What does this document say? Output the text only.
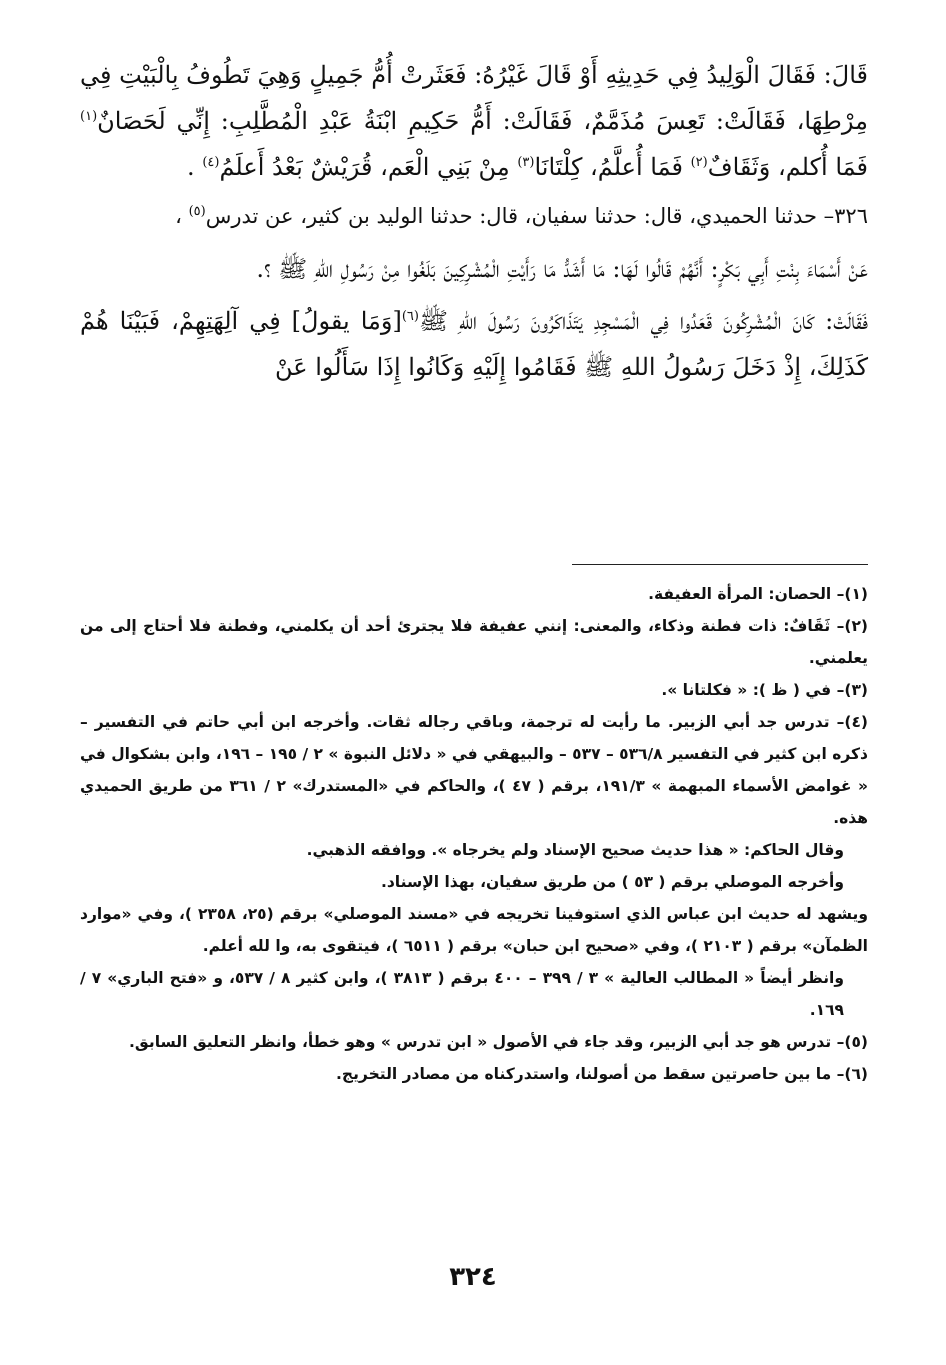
قَالَ: فَقَالَ الْوَلِيدُ فِي حَدِيثِهِ أَوْ قَالَ غَيْرُهُ: فَعَثَرتْ أُمُّ جَمِيلٍ وَهِيَ تَطُوفُ بِالْبَيْتِ فِي مِرْطِهَا، فَقَالَتْ: تَعِسَ مُذَمَّمٌ، فَقَالَتْ: أَمُّ حَكِيمِ ابْنَةُ عَبْدِ الْمُطَّلِبِ: إِنِّي لَحَصَانٌ$^{(١)}$ فَمَا أُكلم، وَثَقَافٌ$^{(٢)}$ فَمَا أُعلَّمُ، كِلْتَانَا$^{(٣)}$ مِنْ بَنِي الْعَم، قُرَيْشٌ بَعْدُ أَعلَمُ$^{(٤)}$ .

٣٢٦– حدثنا الحميدي، قال: حدثنا سفيان، قال: حدثنا الوليد بن كثير، عن تدرس$^{(٥)}$ ،

عَنْ أَسْمَاءَ بِنْتِ أَبِي بَكْرٍ: أَنَّهُمْ قَالُوا لَهَا: مَا أَشَدُّ مَا رَأَيْتِ الْمُشْرِكِينَ بَلَغُوا مِنْ رَسُولِ اللهِ ﷺ ؟.

فَقَالَتْ: كَانَ الْمُشْرِكُونَ قَعَدُوا فِي الْمَسْجِدِ يَتَذَاكَرُونَ رَسُولَ اللهِ ﷺ$^{(٦)}$[وَمَا يقولُ] فِي آلِهَتِهِمْ، فَبَيْنَا هُمْ كَذَلِكَ، إِذْ دَخَلَ رَسُولُ اللهِ ﷺ فَقَامُوا إِلَيْهِ وَكَانُوا إِذَا سَأَلُوا عَنْ

(١)– الحصان: المرأة العفيفة.

(٢)– ثَقَافٌ: ذات فطنة وذكاء، والمعنى: إنني عفيفة فلا يجترئ أحد أن يكلمني، وفطنة فلا أحتاج إلى من يعلمني.

(٣)– في ( ظ ): « فكلتانا ».

(٤)– تدرس جد أبي الزبير. ما رأيت له ترجمة، وباقي رجاله ثقات. وأخرجه ابن أبي حاتم في التفسير – ذكره ابن كثير في التفسير ٥٣٦/٨ – ٥٣٧ – والبيهقي في « دلائل النبوة » ٢ / ١٩٥ – ١٩٦، وابن بشكوال في « غوامض الأسماء المبهمة » ١٩١/٣، برقم ( ٤٧ )، والحاكم في «المستدرك» ٢ / ٣٦١ من طريق الحميدي هذه.

وقال الحاكم: « هذا حديث صحيح الإسناد ولم يخرجاه ». ووافقه الذهبي.

وأخرجه الموصلي برقم ( ٥٣ ) من طريق سفيان، بهذا الإسناد.

ويشهد له حديث ابن عباس الذي استوفينا تخريجه في «مسند الموصلي» برقم (٢٥، ٢٣٥٨ )، وفي «موارد الظمآن» برقم ( ٢١٠٣ )، وفي «صحيح ابن حبان» برقم ( ٦٥١١ )، فيتقوى به، وا لله أعلم.

وانظر أيضاً « المطالب العالية » ٣ / ٣٩٩ – ٤٠٠ برقم ( ٣٨١٣ )، وابن كثير ٨ / ٥٣٧، و «فتح الباري» ٧ / ١٦٩.

(٥)– تدرس هو جد أبي الزبير، وقد جاء في الأصول « ابن تدرس » وهو خطأ، وانظر التعليق السابق.

(٦)– ما بين حاصرتين سقط من أصولنا، واستدركناه من مصادر التخريج.

٣٢٤
